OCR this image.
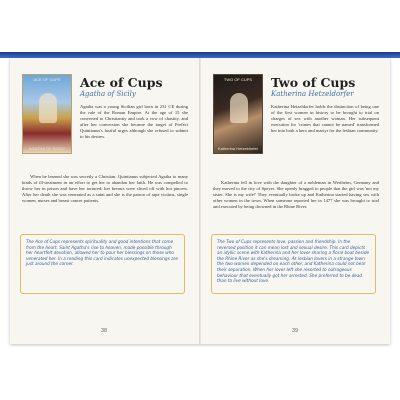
ACE OF CUPS
AGATHA OF SICILY
Ace of Cups
Agatha of Sicily

Agatha was a young Sicilian girl born in 231 CE during the rule of the Roman Empire. At the age of 15 she converted to Christianity and took a vow of chastity, and after her conversion she became the target of Prefect Quintianus's lustful urges although she refused to submit to his desires.

When he learned she was secretly a Christian, Quintianus subjected Agatha to many kinds of ill-treatment in an effort to get her to abandon her faith. He was compelled to throw her in prison and have her tortured; her breasts were sliced off with hot pincers. After her death she was venerated as a saint and she is the patron of rape victims, single women, nurses and breast cancer patients.

The Ace of Cups represents spirituality and good intentions that come from the heart. Saint Agatha's rise to heaven, made possible through her heartfelt devotion, allowed her to pour her blessings on those who venerated her. In a reading this card indicates unexpected blessings are just around the corner.

38
TWO OF CUPS
Katherina Hetzeldorfer
Two of Cups
Katherina Hetzeldorfer

Katherina Hetzeldorfer holds the distinction of being one of the first women in history to be brought to trial on charges of sex with another woman. Her subsequent execution for 'crimes that cannot be named' transformed her into both a hero and martyr for the lesbian community.

Katherina fell in love with the daughter of a nobleman in Wertheim, Germany and they moved to the city of Speyer. She openly bragged to people that the girl was 'not my sister. She is my wife!' They eventually broke up and Katherina started having sex with other women in the town. When someone reported her in 1477 she was brought to trial and executed by being drowned in the Rhine River.

The Two of Cups represents love, passion and friendship. In the reversed position it can mean lost and sexual desire. This card depicts an idyllic scene with Katherina and her lover sharing a floral boat beside the Rhine River as she's dreaming. As lesbian lovers in a strange town the two women depended on each other, and Katherina could not bear their separation. When her lover left she resorted to outrageous behaviour that eventually got her arrested. She preferred to be dead than to live without love.

39
